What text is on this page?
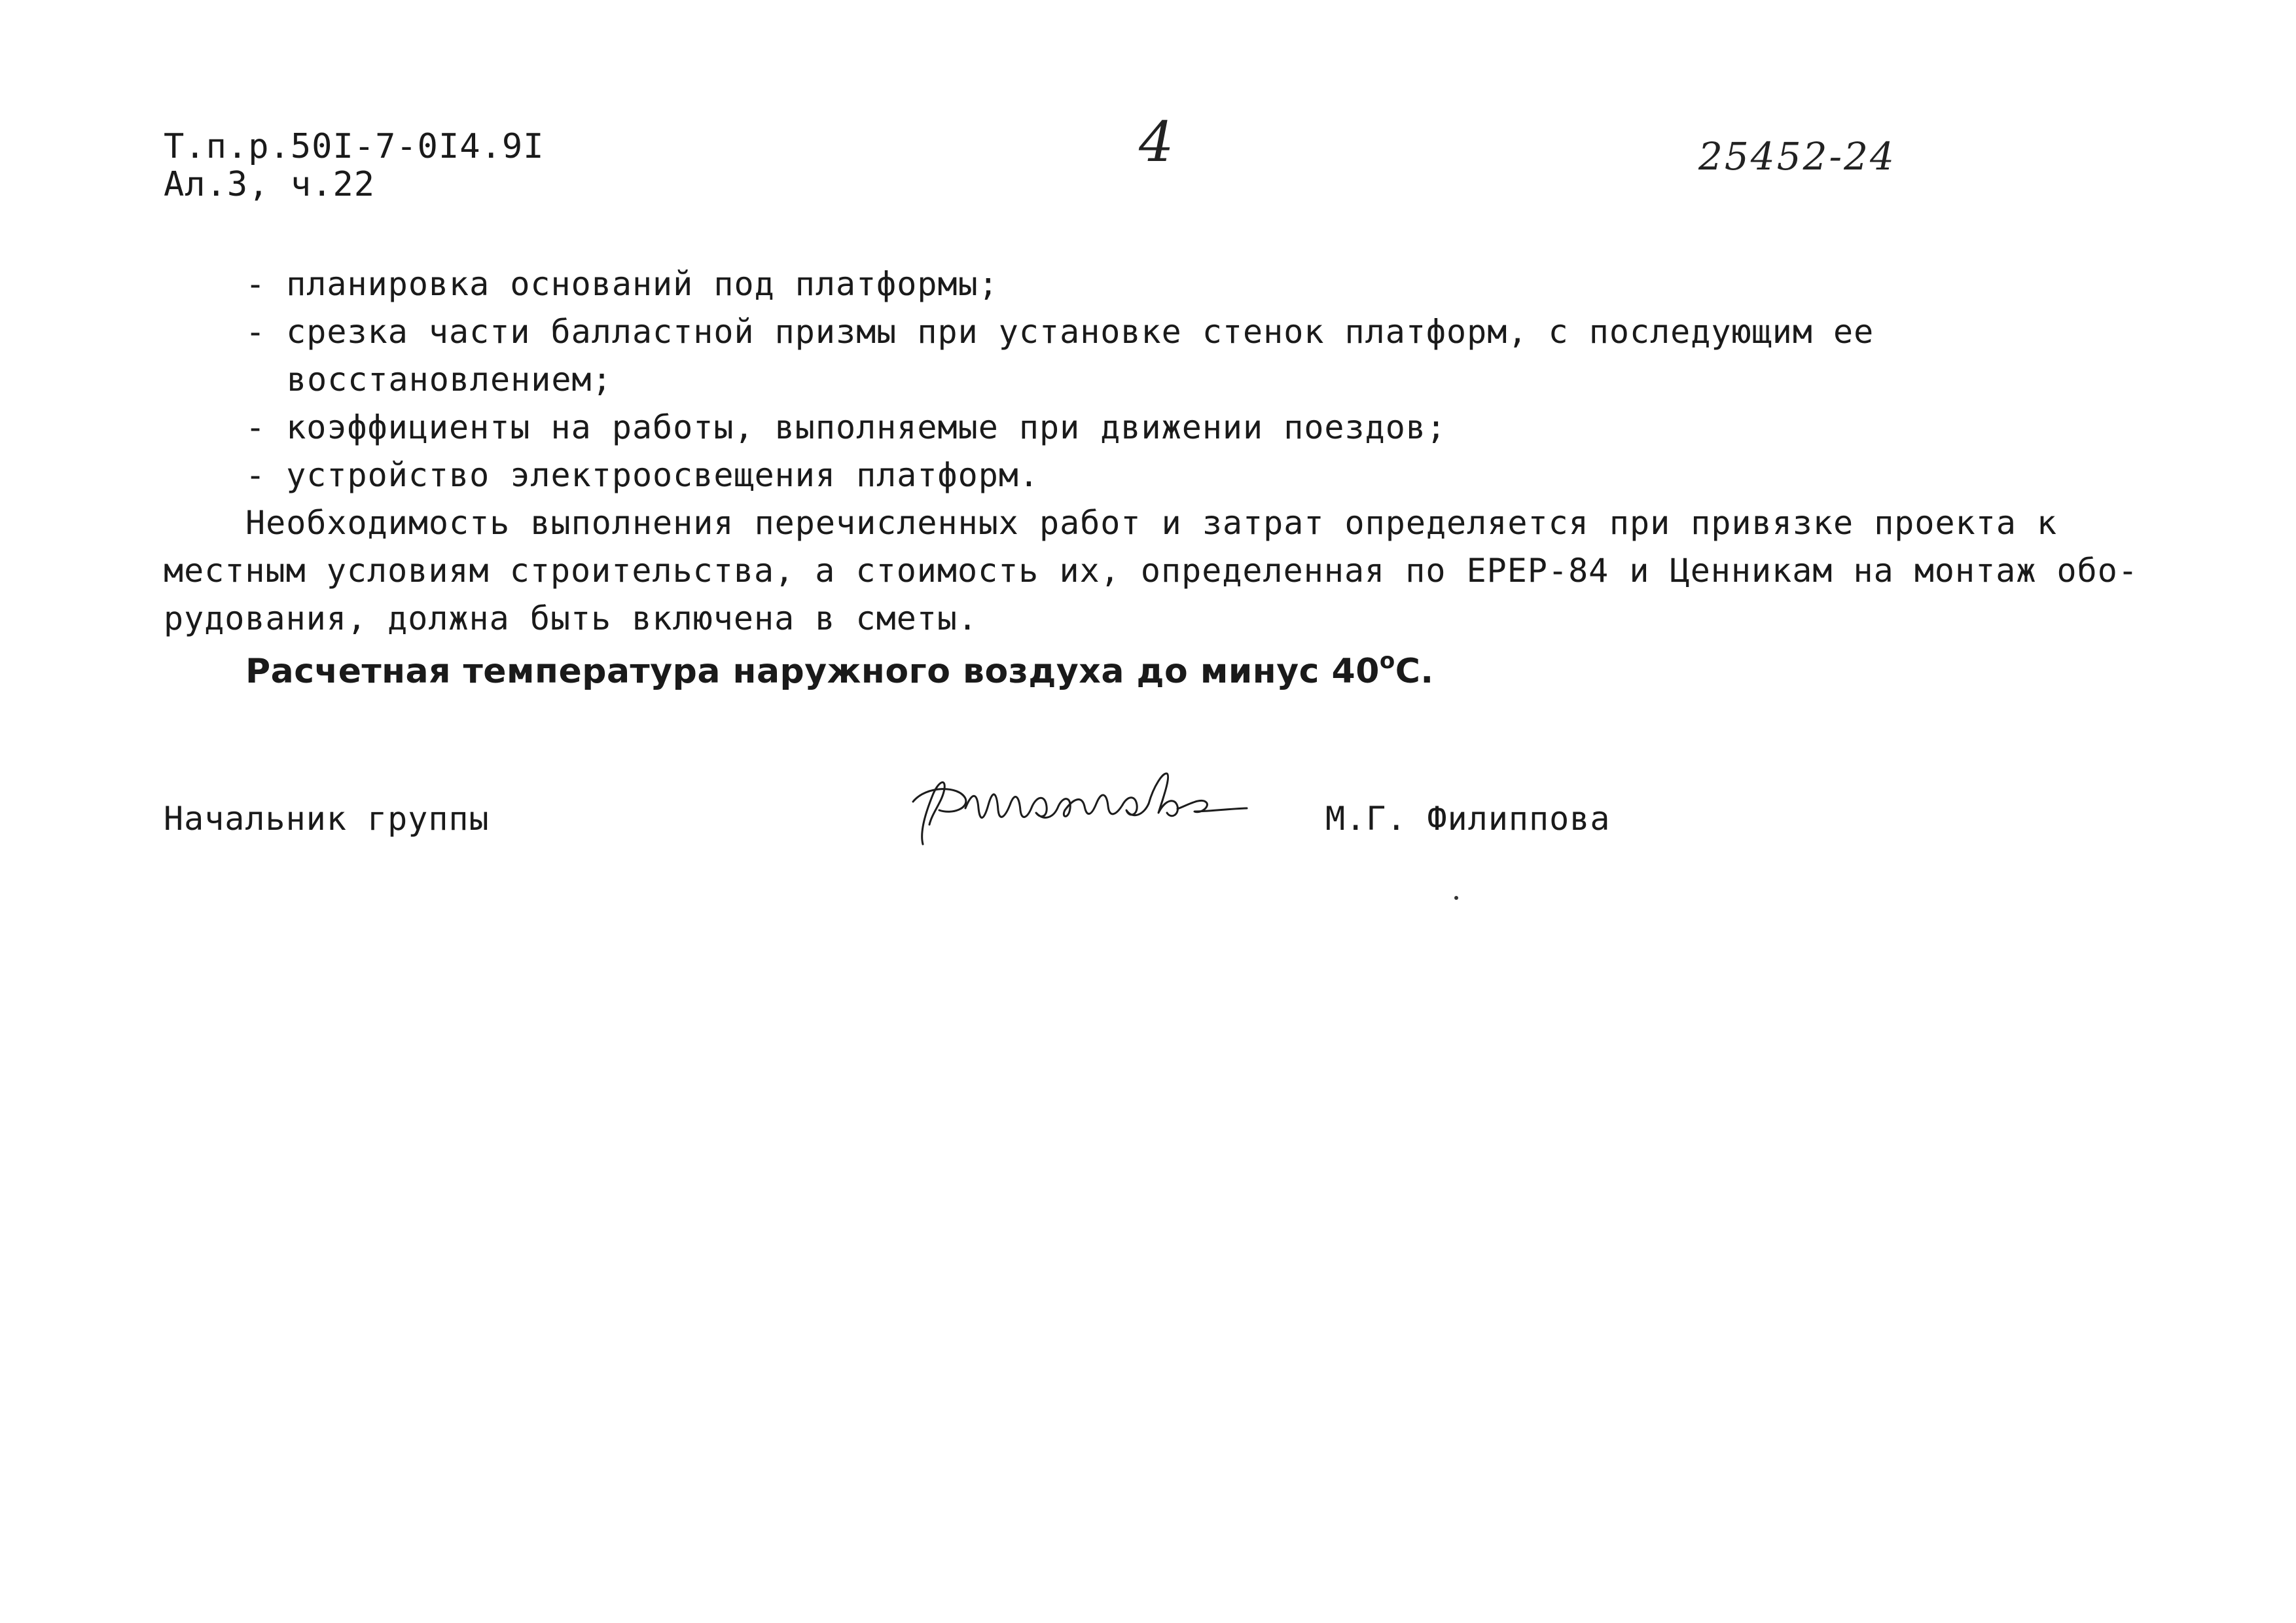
Т.п.р.50I-7-0I4.9I
Ал.3, ч.22
4	25452-24
- планировка оснований под платформы;
- срезка части балластной призмы при установке стенок платформ, с последующим ее
восстановлением;
- коэффициенты на работы, выполняемые при движении поездов;
- устройство электроосвещения платформ.
Необходимость выполнения перечисленных работ и затрат определяется при привязке проекта к
местным условиям строительства, а стоимость их, определенная по ЕРЕР-84 и Ценникам на монтаж обо-
рудования, должна быть включена в сметы.
Расчетная температура наружного воздуха до минус $40^оС$.
Начальник группы	М.Г. Филиппова
